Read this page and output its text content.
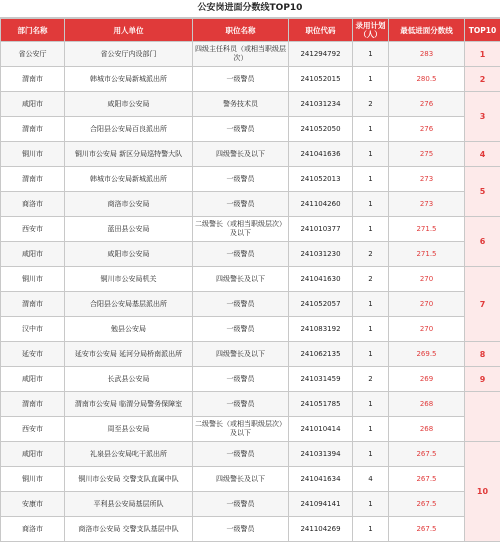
公安岗进面分数线TOP10
部门名称	用人单位	职位名称	职位代码	录用计划（人）	最低进面分数线	TOP10
省公安厅	省公安厅内设部门	四级主任科员（或相当职级层次）	241294792	1	283	1
渭南市	韩城市公安局新城派出所	一级警员	241052015	1	280.5	2
咸阳市	咸阳市公安局	警务技术员	241031234	2	276	3
渭南市	合阳县公安局百良派出所	一级警员	241052050	1	276	
铜川市	铜川市公安局 新区分局巡特警大队	四级警长及以下	241041636	1	275	4
渭南市	韩城市公安局新城派出所	一级警员	241052013	1	273	5
商洛市	商洛市公安局	一级警员	241104260	1	273	
西安市	蓝田县公安局	二级警长（或相当职级层次）及以下	241010377	1	271.5	6
咸阳市	咸阳市公安局	一级警员	241031230	2	271.5	
铜川市	铜川市公安局机关	四级警长及以下	241041630	2	270	7
渭南市	合阳县公安局基层派出所	一级警员	241052057	1	270	
汉中市	勉县公安局	一级警员	241083192	1	270	
延安市	延安市公安局 延河分局桥南派出所	四级警长及以下	241062135	1	269.5	8
咸阳市	长武县公安局	一级警员	241031459	2	269	9
渭南市	渭南市公安局 临渭分局警务保障室	一级警员	241051785	1	268	
西安市	周至县公安局	二级警长（或相当职级层次）及以下	241010414	1	268	
咸阳市	礼泉县公安局叱干派出所	一级警员	241031394	1	267.5	10
铜川市	铜川市公安局 交警支队直属中队	四级警长及以下	241041634	4	267.5	
安康市	平利县公安局基层所队	一级警员	241094141	1	267.5	
商洛市	商洛市公安局 交警支队基层中队	一级警员	241104269	1	267.5	
